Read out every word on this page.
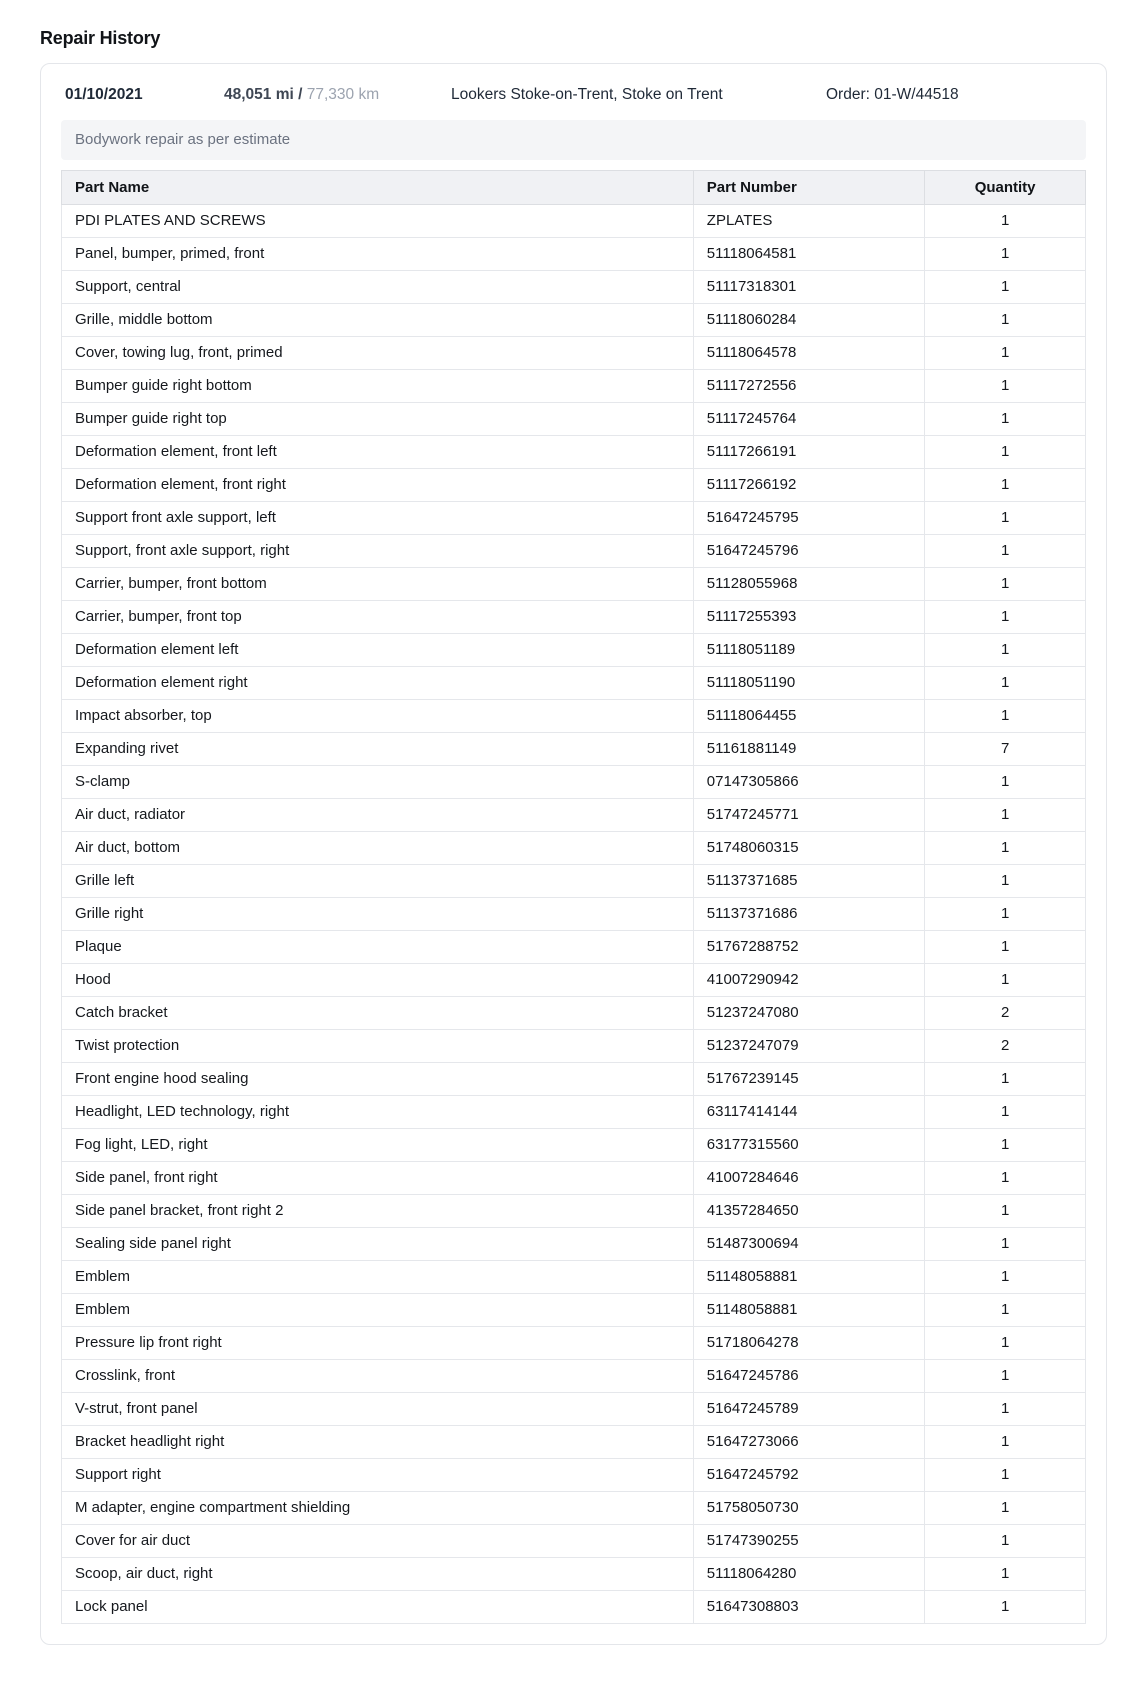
Repair History
01/10/2021	48,051 mi / 77,330 km	Lookers Stoke-on-Trent, Stoke on Trent	Order: 01-W/44518
Bodywork repair as per estimate
Part Name	Part Number	Quantity
PDI PLATES AND SCREWS	ZPLATES	1
Panel, bumper, primed, front	51118064581	1
Support, central	51117318301	1
Grille, middle bottom	51118060284	1
Cover, towing lug, front, primed	51118064578	1
Bumper guide right bottom	51117272556	1
Bumper guide right top	51117245764	1
Deformation element, front left	51117266191	1
Deformation element, front right	51117266192	1
Support front axle support, left	51647245795	1
Support, front axle support, right	51647245796	1
Carrier, bumper, front bottom	51128055968	1
Carrier, bumper, front top	51117255393	1
Deformation element left	51118051189	1
Deformation element right	51118051190	1
Impact absorber, top	51118064455	1
Expanding rivet	51161881149	7
S-clamp	07147305866	1
Air duct, radiator	51747245771	1
Air duct, bottom	51748060315	1
Grille left	51137371685	1
Grille right	51137371686	1
Plaque	51767288752	1
Hood	41007290942	1
Catch bracket	51237247080	2
Twist protection	51237247079	2
Front engine hood sealing	51767239145	1
Headlight, LED technology, right	63117414144	1
Fog light, LED, right	63177315560	1
Side panel, front right	41007284646	1
Side panel bracket, front right 2	41357284650	1
Sealing side panel right	51487300694	1
Emblem	51148058881	1
Emblem	51148058881	1
Pressure lip front right	51718064278	1
Crosslink, front	51647245786	1
V-strut, front panel	51647245789	1
Bracket headlight right	51647273066	1
Support right	51647245792	1
M adapter, engine compartment shielding	51758050730	1
Cover for air duct	51747390255	1
Scoop, air duct, right	51118064280	1
Lock panel	51647308803	1
